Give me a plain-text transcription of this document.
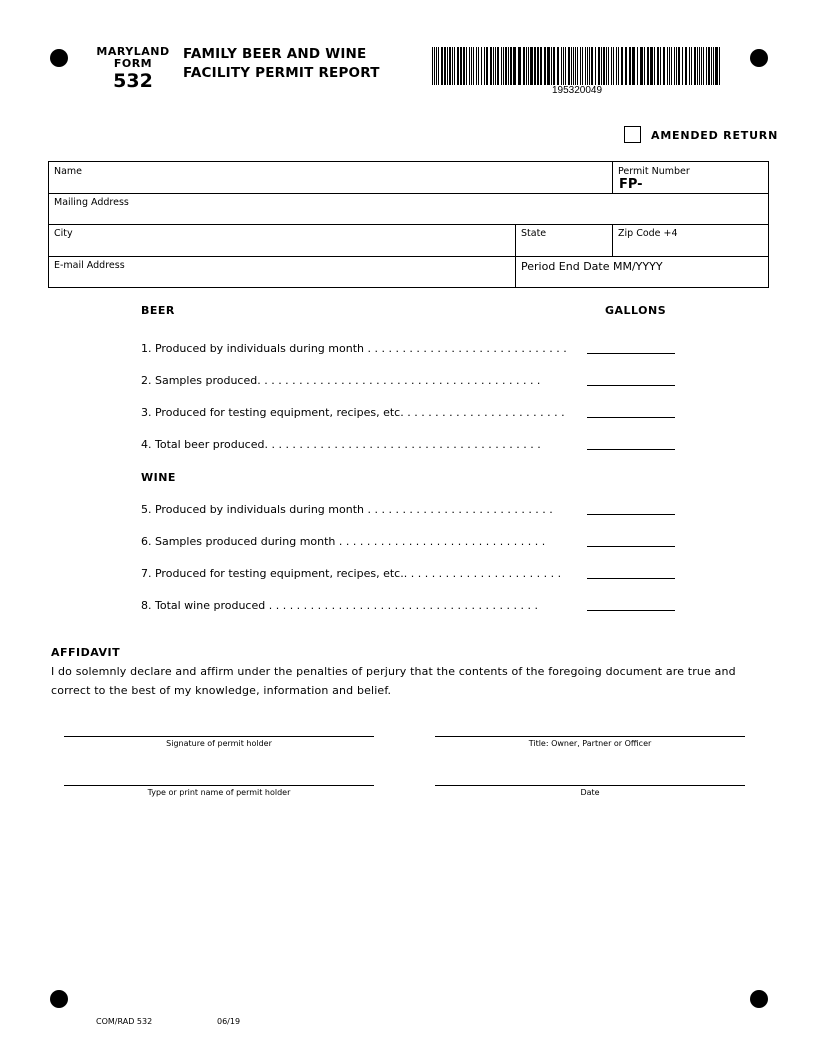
MARYLAND
FORM
532
FAMILY BEER AND WINE
FACILITY PERMIT REPORT
195320049
AMENDED RETURN
Name	Permit Number
FP-
Mailing Address
City	State	Zip Code +4
E-mail Address	Period End Date MM/YYYY
BEER	GALLONS
1. Produced by individuals during month . . . . . . . . . . . . . . . . . . . . . . . . . . . . .
2. Samples produced. . . . . . . . . . . . . . . . . . . . . . . . . . . . . . . . . . . . . . . . .
3. Produced for testing equipment, recipes, etc. . . . . . . . . . . . . . . . . . . . . . . .
4. Total beer produced. . . . . . . . . . . . . . . . . . . . . . . . . . . . . . . . . . . . . . . .
WINE
5. Produced by individuals during month . . . . . . . . . . . . . . . . . . . . . . . . . . .
6. Samples produced during month . . . . . . . . . . . . . . . . . . . . . . . . . . . . . .
7. Produced for testing equipment, recipes, etc.. . . . . . . . . . . . . . . . . . . . . . .
8. Total wine produced . . . . . . . . . . . . . . . . . . . . . . . . . . . . . . . . . . . . . . .
AFFIDAVIT
I do solemnly declare and affirm under the penalties of perjury that the contents of the foregoing document are true and correct to the best of my knowledge, information and belief.
Signature of permit holder	Title: Owner, Partner or Officer
Type or print name of permit holder	Date
COM/RAD 532	06/19
